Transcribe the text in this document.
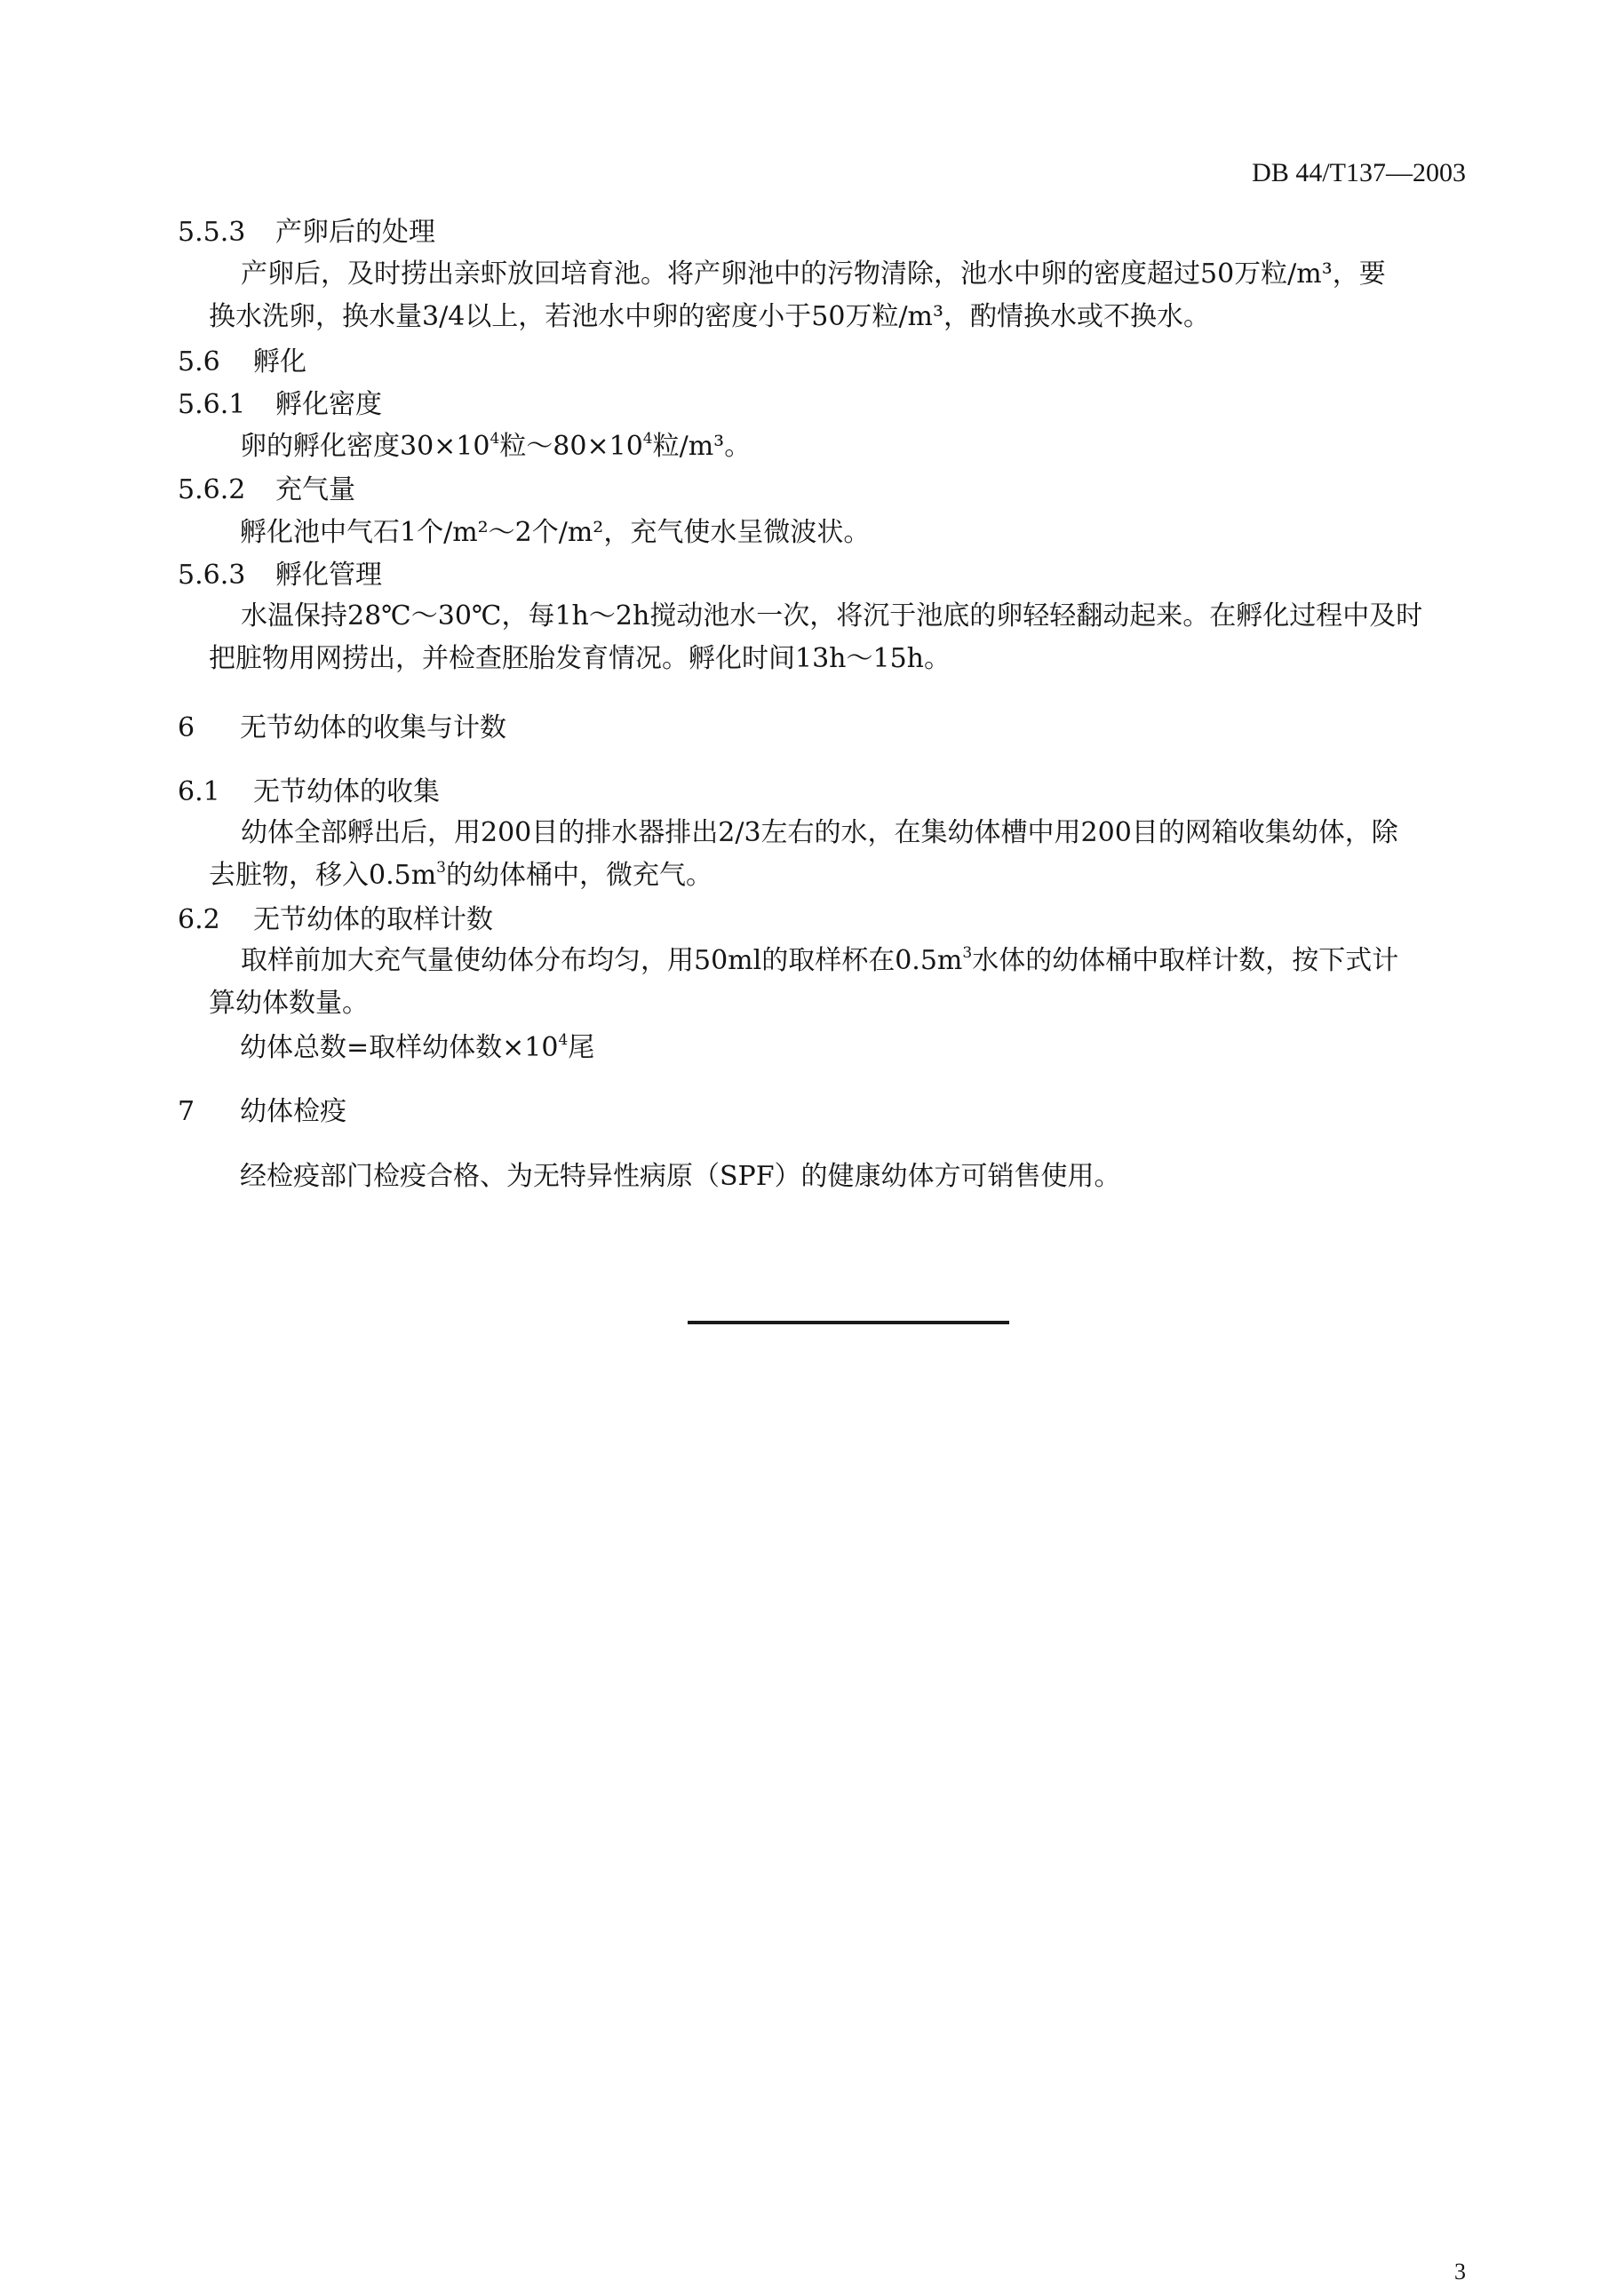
DB 44/T137—2003
5.5.3 产卵后的处理
产卵后，及时捞出亲虾放回培育池。将产卵池中的污物清除，池水中卵的密度超过50万粒/m³，要
换水洗卵，换水量3/4以上，若池水中卵的密度小于50万粒/m³，酌情换水或不换水。
5.6 孵化
5.6.1 孵化密度
卵的孵化密度$30\times 10^4$粒$\sim 80\times 10^4$粒/m³。
5.6.2 充气量
孵化池中气石1个/m²～2个/m²，充气使水呈微波状。
5.6.3 孵化管理
水温保持28℃～30℃，每1h～2h搅动池水一次，将沉于池底的卵轻轻翻动起来。在孵化过程中及时
把脏物用网捞出，并检查胚胎发育情况。孵化时间13h～15h。
6 无节幼体的收集与计数
6.1 无节幼体的收集
幼体全部孵出后，用200目的排水器排出2/3左右的水，在集幼体槽中用200目的网箱收集幼体，除
去脏物，移入$0.5m^3$的幼体桶中，微充气。
6.2 无节幼体的取样计数
取样前加大充气量使幼体分布均匀，用50ml的取样杯在$0.5m^3$水体的幼体桶中取样计数，按下式计
算幼体数量。
幼体总数=取样幼体数$\times 10^4$尾
7 幼体检疫
经检疫部门检疫合格、为无特异性病原（SPF）的健康幼体方可销售使用。
3
